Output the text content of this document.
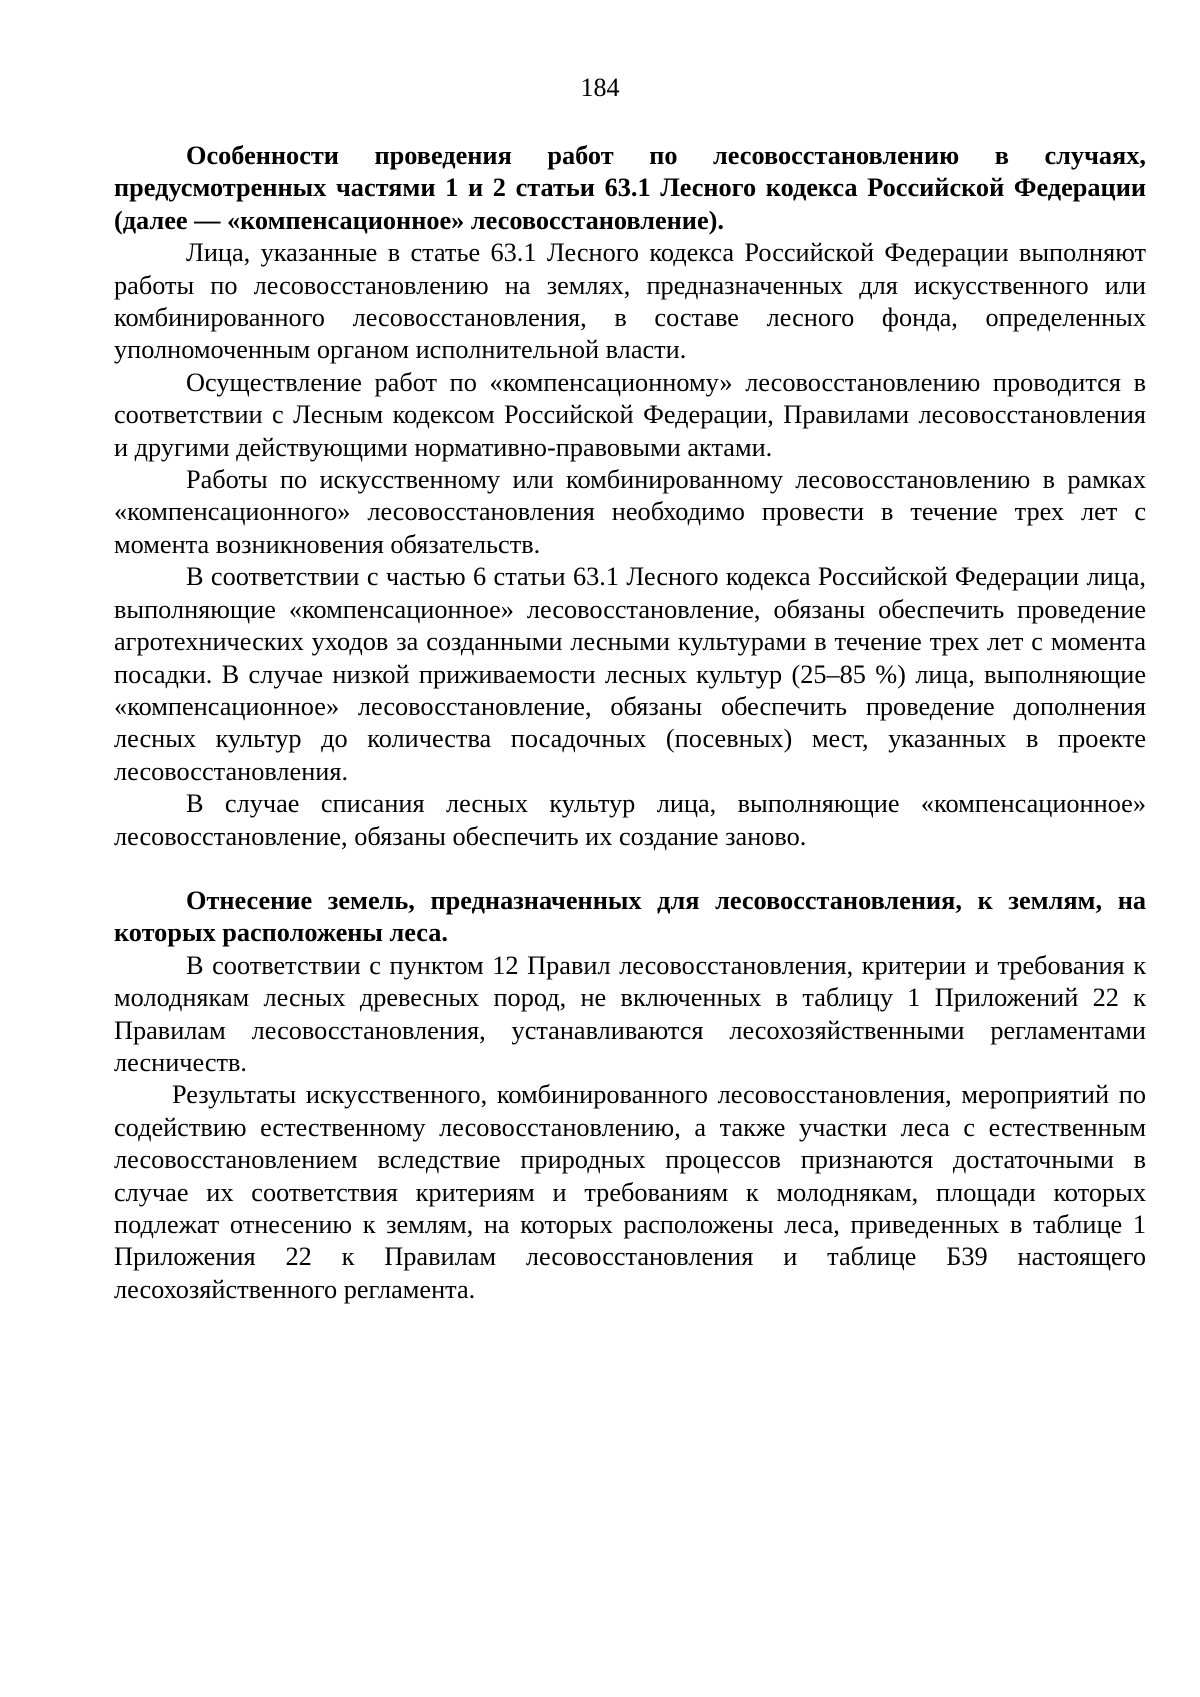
184

Особенности проведения работ по лесовосстановлению в случаях, предусмотренных частями 1 и 2 статьи 63.1 Лесного кодекса Российской Федерации (далее — «компенсационное» лесовосстановление).

Лица, указанные в статье 63.1 Лесного кодекса Российской Федерации выполняют работы по лесовосстановлению на землях, предназначенных для искусственного или комбинированного лесовосстановления, в составе лесного фонда, определенных уполномоченным органом исполнительной власти.

Осуществление работ по «компенсационному» лесовосстановлению проводится в соответствии с Лесным кодексом Российской Федерации, Правилами лесовосстановления и другими действующими нормативно-правовыми актами.

Работы по искусственному или комбинированному лесовосстановлению в рамках «компенсационного» лесовосстановления необходимо провести в течение трех лет с момента возникновения обязательств.

В соответствии с частью 6 статьи 63.1 Лесного кодекса Российской Федерации лица, выполняющие «компенсационное» лесовосстановление, обязаны обеспечить проведение агротехнических уходов за созданными лесными культурами в течение трех лет с момента посадки. В случае низкой приживаемости лесных культур (25–85 %) лица, выполняющие «компенсационное» лесовосстановление, обязаны обеспечить проведение дополнения лесных культур до количества посадочных (посевных) мест, указанных в проекте лесовосстановления.

В случае списания лесных культур лица, выполняющие «компенсационное» лесовосстановление, обязаны обеспечить их создание заново.

Отнесение земель, предназначенных для лесовосстановления, к землям, на которых расположены леса.

В соответствии с пунктом 12 Правил лесовосстановления, критерии и требования к молоднякам лесных древесных пород, не включенных в таблицу 1 Приложений 22 к Правилам лесовосстановления, устанавливаются лесохозяйственными регламентами лесничеств.

Результаты искусственного, комбинированного лесовосстановления, мероприятий по содействию естественному лесовосстановлению, а также участки леса с естественным лесовосстановлением вследствие природных процессов признаются достаточными в случае их соответствия критериям и требованиям к молоднякам, площади которых подлежат отнесению к землям, на которых расположены леса, приведенных в таблице 1 Приложения 22 к Правилам лесовосстановления и таблице Б39 настоящего лесохозяйственного регламента.
